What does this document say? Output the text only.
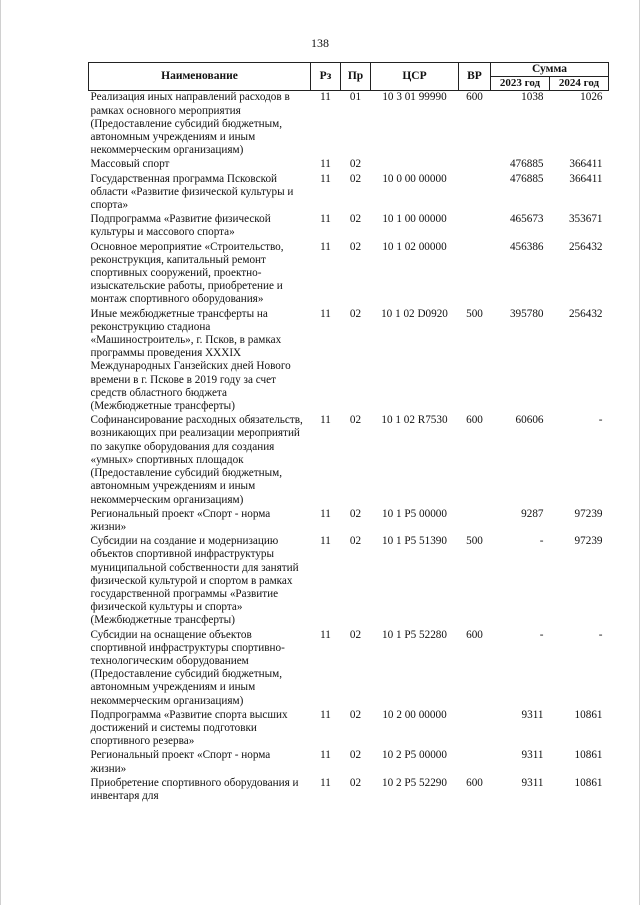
138
Наименование	Рз	Пр	ЦСР	ВР	Сумма	
					2023 год	2024 год
Реализация иных направлений расходов в рамках основного мероприятия (Предоставление субсидий бюджетным, автономным учреждениям и иным некоммерческим организациям)	11	01	10 3 01 99990	600	1038	1026
Массовый спорт	11	02			476885	366411
Государственная программа Псковской области «Развитие физической культуры и спорта»	11	02	10 0 00 00000		476885	366411
Подпрограмма «Развитие физической культуры и массового спорта»	11	02	10 1 00 00000		465673	353671
Основное мероприятие «Строительство, реконструкция, капитальный ремонт спортивных сооружений, проектно-изыскательские работы, приобретение и монтаж спортивного оборудования»	11	02	10 1 02 00000		456386	256432
Иные межбюджетные трансферты на реконструкцию стадиона «Машиностроитель», г. Псков, в рамках программы проведения XXXIX Международных Ганзейских дней Нового времени в г. Пскове в 2019 году за счет средств областного бюджета (Межбюджетные трансферты)	11	02	10 1 02 D0920	500	395780	256432
Софинансирование расходных обязательств, возникающих при реализации мероприятий по закупке оборудования для создания «умных» спортивных площадок (Предоставление субсидий бюджетным, автономным учреждениям и иным некоммерческим организациям)	11	02	10 1 02 R7530	600	60606	-
Региональный проект «Спорт - норма жизни»	11	02	10 1 P5 00000		9287	97239
Субсидии на создание и модернизацию объектов спортивной инфраструктуры муниципальной собственности для занятий физической культурой и спортом в рамках государственной программы «Развитие физической культуры и спорта» (Межбюджетные трансферты)	11	02	10 1 P5 51390	500	-	97239
Субсидии на оснащение объектов спортивной инфраструктуры спортивно-технологическим оборудованием (Предоставление субсидий бюджетным, автономным учреждениям и иным некоммерческим организациям)	11	02	10 1 P5 52280	600	-	-
Подпрограмма «Развитие спорта высших достижений и системы подготовки спортивного резерва»	11	02	10 2 00 00000		9311	10861
Региональный проект «Спорт - норма жизни»	11	02	10 2 P5 00000		9311	10861
Приобретение спортивного оборудования и инвентаря для	11	02	10 2 P5 52290	600	9311	10861
